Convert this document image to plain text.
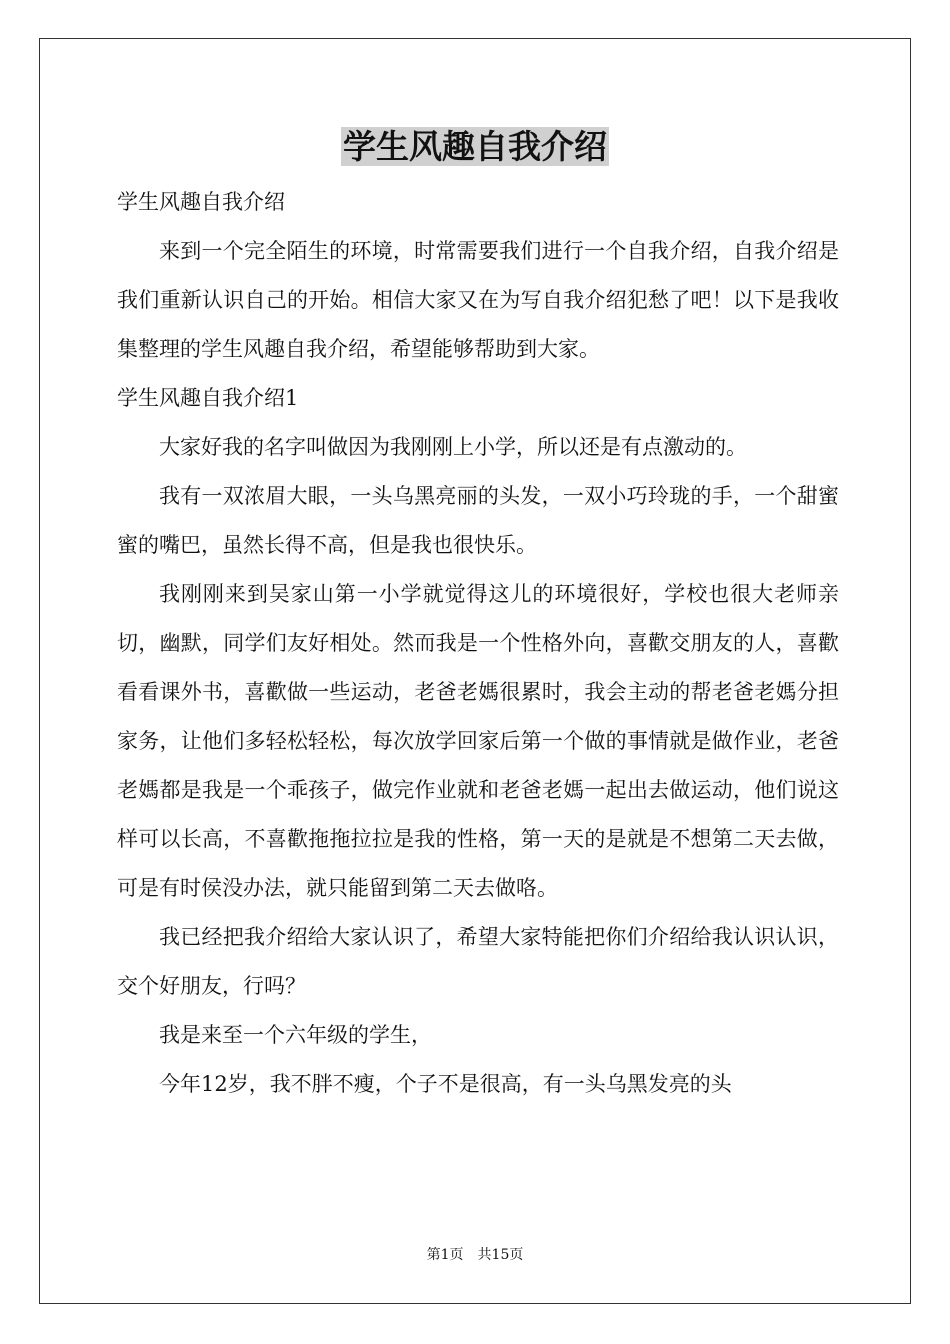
学生风趣自我介绍

学生风趣自我介绍

来到一个完全陌生的环境，时常需要我们进行一个自我介绍，自我介绍是我们重新认识自己的开始。相信大家又在为写自我介绍犯愁了吧！以下是我收集整理的学生风趣自我介绍，希望能够帮助到大家。

学生风趣自我介绍1

大家好我的名字叫做因为我刚刚上小学，所以还是有点激动的。

我有一双浓眉大眼，一头乌黑亮丽的头发，一双小巧玲珑的手，一个甜蜜蜜的嘴巴，虽然长得不高，但是我也很快乐。

我刚刚来到吴家山第一小学就觉得这儿的环境很好，学校也很大老师亲切，幽默，同学们友好相处。然而我是一个性格外向，喜歡交朋友的人，喜歡看看课外书，喜歡做一些运动，老爸老媽很累时，我会主动的帮老爸老媽分担家务，让他们多轻松轻松，每次放学回家后第一个做的事情就是做作业，老爸老媽都是我是一个乖孩子，做完作业就和老爸老媽一起出去做运动，他们说这样可以长高，不喜歡拖拖拉拉是我的性格，第一天的是就是不想第二天去做，可是有时侯没办法，就只能留到第二天去做咯。

我已经把我介绍给大家认识了，希望大家特能把你们介绍给我认识认识，交个好朋友，行吗？

我是来至一个六年级的学生，

今年12岁，我不胖不瘦，个子不是很高，有一头乌黑发亮的头

第1页　共15页
